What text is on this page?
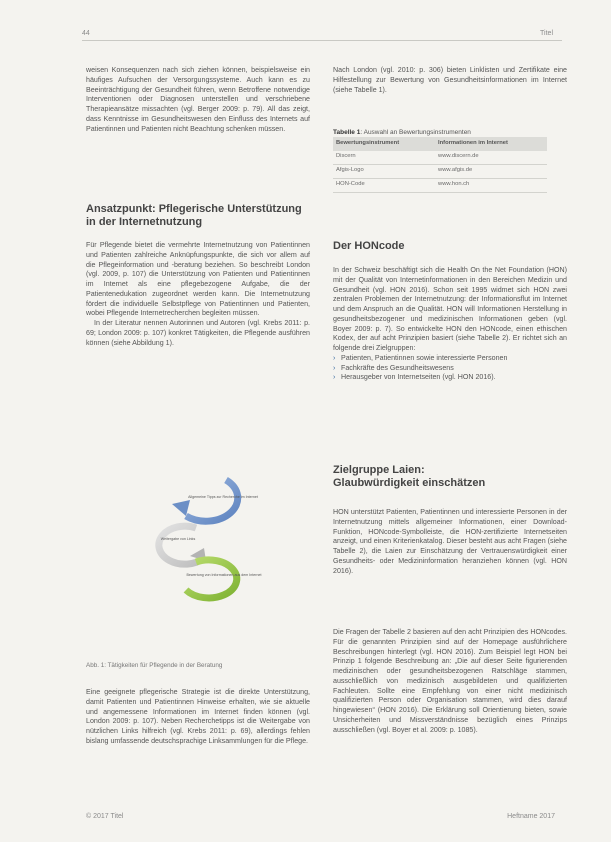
44	Titel

weisen Konsequenzen nach sich ziehen können, beispielsweise ein häufiges Aufsuchen der Versorgungssysteme. Auch kann es zu Beeinträchtigung der Gesundheit führen, wenn Betroffene notwendige Interventionen oder Diagnosen unterstellen und verschriebene Therapieansätze missachten (vgl. Berger 2009: p. 79). All das zeigt, dass Kenntnisse im Gesundheitswesen den Einfluss des Internets auf Patientinnen und Patienten nicht Beachtung schenken müssen.

Ansatzpunkt: Pflegerische Unterstützung
in der Internetnutzung

Für Pflegende bietet die vermehrte Internetnutzung von Patientinnen und Patienten zahlreiche Anknüpfungspunkte, die sich vor allem auf die Pflegeinformation und -beratung beziehen. So beschreibt London (vgl. 2009, p. 107) die Unterstützung von Patienten und Patientinnen im Internet als eine pflegebezogene Aufgabe, die der Patientenedukation zugeordnet werden kann. Die Internetnutzung fördert die individuelle Selbstpflege von Patientinnen und Patienten, wobei Pflegende Internetrecherchen begleiten müssen.

In der Literatur nennen Autorinnen und Autoren (vgl. Krebs 2011: p. 69; London 2009: p. 107) konkret Tätigkeiten, die Pflegende ausführen können (siehe Abbildung 1).

Allgemeine Tipps zur Recherche im Internet
Weitergabe von Links
Bewertung von Informationen aus dem Internet
Abb. 1: Tätigkeiten für Pflegende in der Beratung

Eine geeignete pflegerische Strategie ist die direkte Unterstützung, damit Patienten und Patientinnen Hinweise erhalten, wie sie aktuelle und angemessene Informationen im Internet finden können (vgl. London 2009: p. 107). Neben Recherchetipps ist die Weitergabe von nützlichen Links hilfreich (vgl. Krebs 2011: p. 69), allerdings fehlen bislang umfassende deutschsprachige Linksammlungen für die Pflege.

Nach London (vgl. 2010: p. 306) bieten Linklisten und Zertifikate eine Hilfestellung zur Bewertung von Gesundheitsinformationen im Internet (siehe Tabelle 1).

Tabelle 1: Auswahl an Bewertungsinstrumenten
Bewertungsinstrument	Informationen im Internet
Discern	www.discern.de
Afgis-Logo	www.afgis.de
HON-Code	www.hon.ch
Der HONcode

In der Schweiz beschäftigt sich die Health On the Net Foundation (HON) mit der Qualität von Internetinformationen in den Bereichen Medizin und Gesundheit (vgl. HON 2016). Schon seit 1995 widmet sich HON zwei zentralen Problemen der Internetnutzung: der Informationsflut im Internet und dem Anspruch an die Qualität. HON will Informationen Herstellung in gesundheitsbezogener und medizinischen Informationen geben (vgl. Boyer 2009: p. 7). So entwickelte HON den HONcode, einen ethischen Kodex, der auf acht Prinzipien basiert (siehe Tabelle 2). Er richtet sich an folgende drei Zielgruppen:

› Patienten, Patientinnen sowie interessierte Personen
› Fachkräfte des Gesundheitswesens
› Herausgeber von Internetseiten (vgl. HON 2016).
Zielgruppe Laien:
Glaubwürdigkeit einschätzen

HON unterstützt Patienten, Patientinnen und interessierte Personen in der Internetnutzung mittels allgemeiner Informationen, einer Download-Funktion, HONcode-Symbolleiste, die HON-zertifizierte Internetseiten anzeigt, und einen Kriterienkatalog. Dieser besteht aus acht Fragen (siehe Tabelle 2), die Laien zur Einschätzung der Vertrauenswürdigkeit einer Gesundheits- oder Medizininformation heranziehen können (vgl. HON 2016).

Die Fragen der Tabelle 2 basieren auf den acht Prinzipien des HONcodes. Für die genannten Prinzipien sind auf der Homepage ausführlichere Beschreibungen hinterlegt (vgl. HON 2016). Zum Beispiel legt HON bei Prinzip 1 folgende Beschreibung an: „Die auf dieser Seite figurierenden medizinischen oder gesundheitsbezogenen Ratschläge stammen, ausschließlich von medizinisch ausgebildeten und qualifizierten Fachleuten. Sollte eine Empfehlung von einer nicht medizinisch qualifizierten Person oder Organisation stammen, wird dies darauf hingewiesen“ (HON 2016). Die Erklärung soll Orientierung bieten, sowie Unsicherheiten und Missverständnisse bezüglich eines Prinzips ausschließen (vgl. Boyer et al. 2009: p. 1085).

© 2017 Titel	Heftname 2017
